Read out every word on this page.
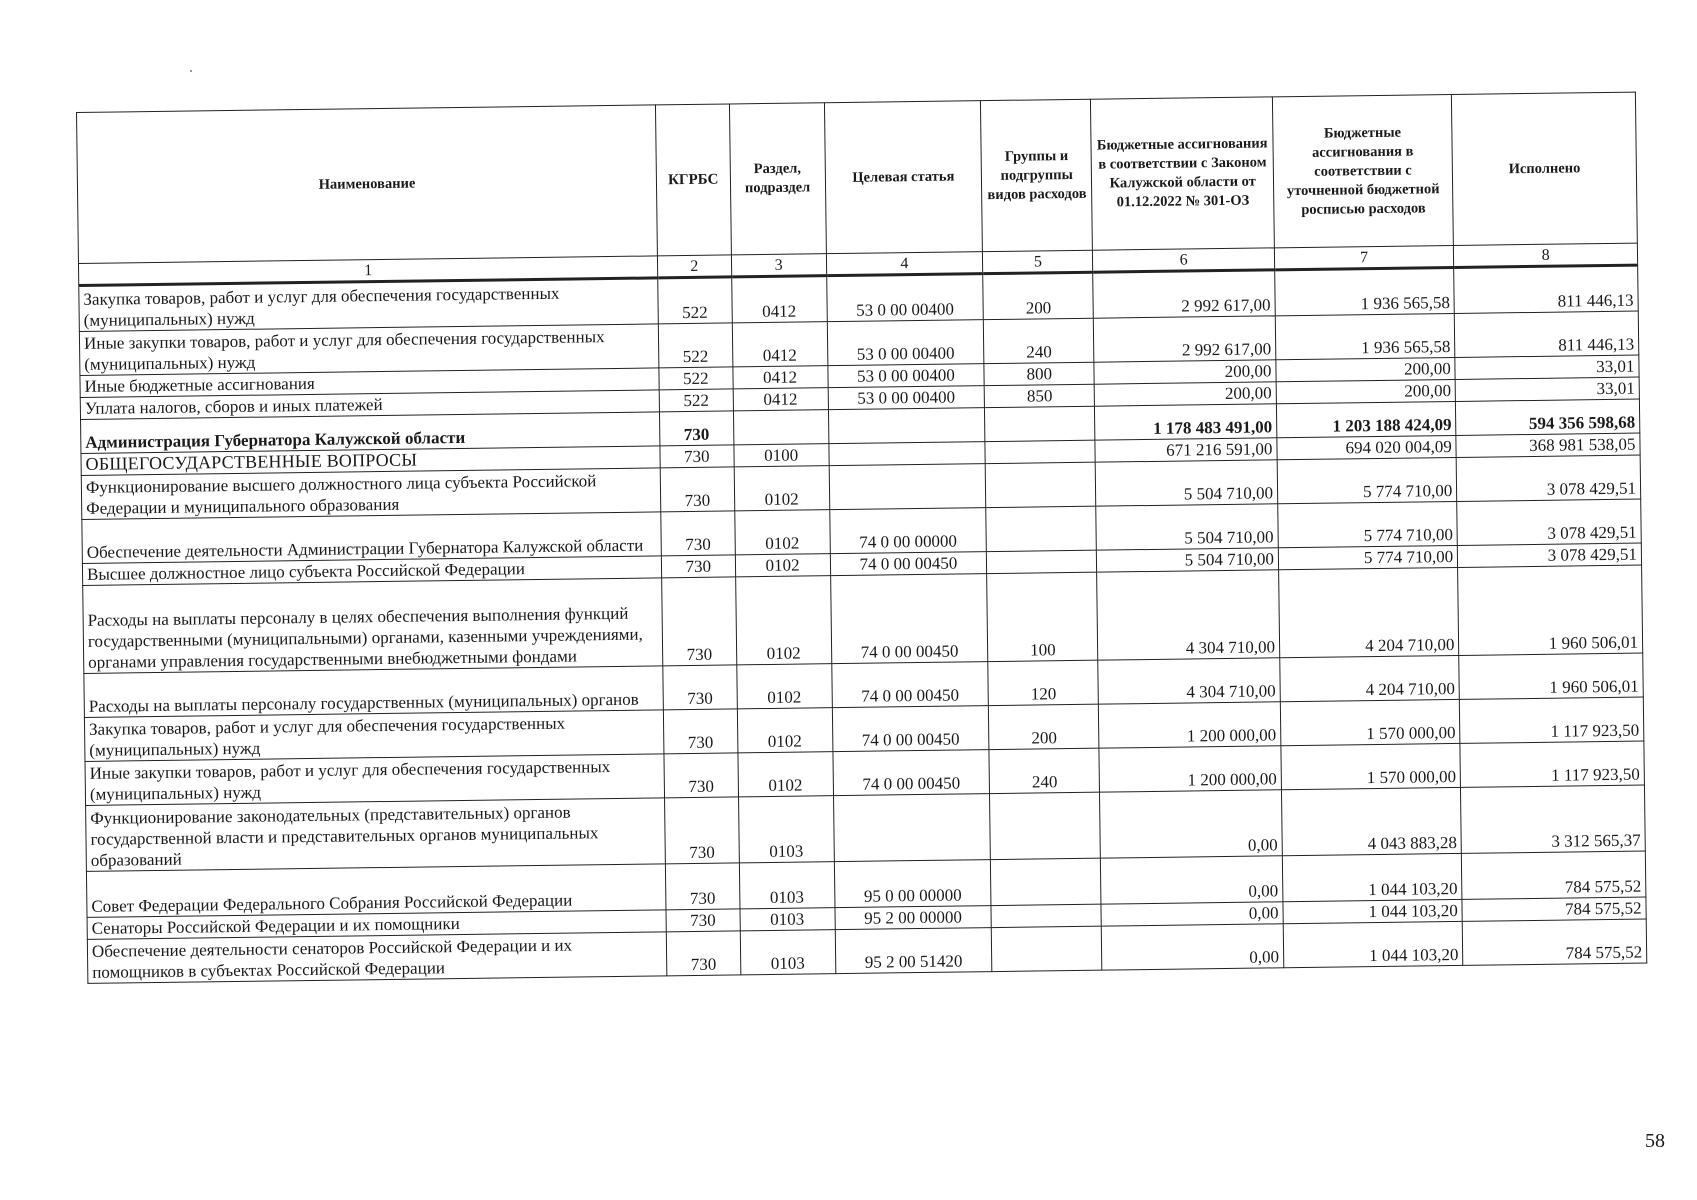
Наименование	КГРБС	Раздел, подраздел	Целевая статья	Группы и подгруппы видов расходов	Бюджетные ассигнования в соответствии с Законом Калужской области от 01.12.2022 № 301-ОЗ	Бюджетные ассигнования в соответствии с уточненной бюджетной росписью расходов	Исполнено
1	2	3	4	5	6	7	8
Закупка товаров, работ и услуг для обеспечения государственных (муниципальных) нужд	522	0412	53 0 00 00400	200	2 992 617,00	1 936 565,58	811 446,13
Иные закупки товаров, работ и услуг для обеспечения государственных (муниципальных) нужд	522	0412	53 0 00 00400	240	2 992 617,00	1 936 565,58	811 446,13
Иные бюджетные ассигнования	522	0412	53 0 00 00400	800	200,00	200,00	33,01
Уплата налогов, сборов и иных платежей	522	0412	53 0 00 00400	850	200,00	200,00	33,01
Администрация Губернатора Калужской области	730				1 178 483 491,00	1 203 188 424,09	594 356 598,68
ОБЩЕГОСУДАРСТВЕННЫЕ ВОПРОСЫ	730	0100			671 216 591,00	694 020 004,09	368 981 538,05
Функционирование высшего должностного лица субъекта Российской Федерации и муниципального образования	730	0102			5 504 710,00	5 774 710,00	3 078 429,51
Обеспечение деятельности Администрации Губернатора Калужской области	730	0102	74 0 00 00000		5 504 710,00	5 774 710,00	3 078 429,51
Высшее должностное лицо субъекта Российской Федерации	730	0102	74 0 00 00450		5 504 710,00	5 774 710,00	3 078 429,51
Расходы на выплаты персоналу в целях обеспечения выполнения функций государственными (муниципальными) органами, казенными учреждениями, органами управления государственными внебюджетными фондами	730	0102	74 0 00 00450	100	4 304 710,00	4 204 710,00	1 960 506,01
Расходы на выплаты персоналу государственных (муниципальных) органов	730	0102	74 0 00 00450	120	4 304 710,00	4 204 710,00	1 960 506,01
Закупка товаров, работ и услуг для обеспечения государственных (муниципальных) нужд	730	0102	74 0 00 00450	200	1 200 000,00	1 570 000,00	1 117 923,50
Иные закупки товаров, работ и услуг для обеспечения государственных (муниципальных) нужд	730	0102	74 0 00 00450	240	1 200 000,00	1 570 000,00	1 117 923,50
Функционирование законодательных (представительных) органов государственной власти и представительных органов муниципальных образований	730	0103			0,00	4 043 883,28	3 312 565,37
Совет Федерации Федерального Собрания Российской Федерации	730	0103	95 0 00 00000		0,00	1 044 103,20	784 575,52
Сенаторы Российской Федерации и их помощники	730	0103	95 2 00 00000		0,00	1 044 103,20	784 575,52
Обеспечение деятельности сенаторов Российской Федерации и их помощников в субъектах Российской Федерации	730	0103	95 2 00 51420		0,00	1 044 103,20	784 575,52
58
